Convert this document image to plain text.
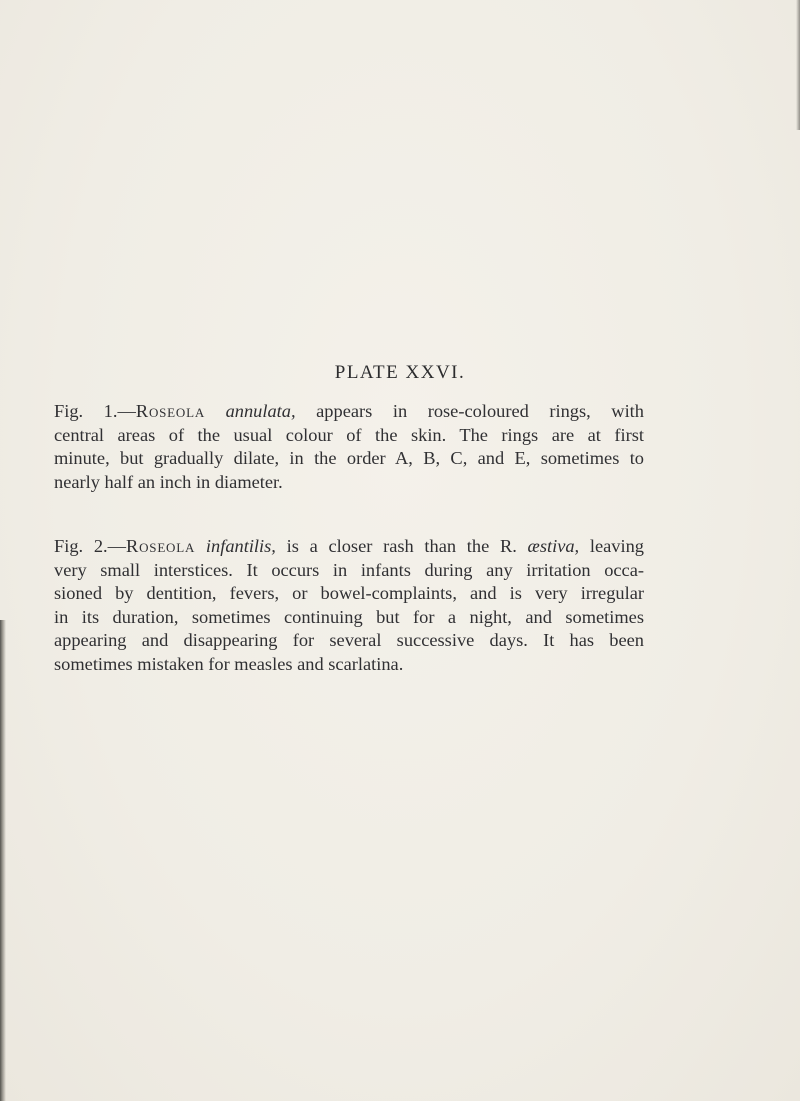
PLATE XXVI.
Fig. 1.—Roseola annulata, appears in rose-coloured rings, with
central areas of the usual colour of the skin. The rings are at first
minute, but gradually dilate, in the order A, B, C, and E, sometimes to
nearly half an inch in diameter.
Fig. 2.—Roseola infantilis, is a closer rash than the R. æstiva, leaving
very small interstices. It occurs in infants during any irritation occa-
sioned by dentition, fevers, or bowel-complaints, and is very irregular
in its duration, sometimes continuing but for a night, and sometimes
appearing and disappearing for several successive days. It has been
sometimes mistaken for measles and scarlatina.
